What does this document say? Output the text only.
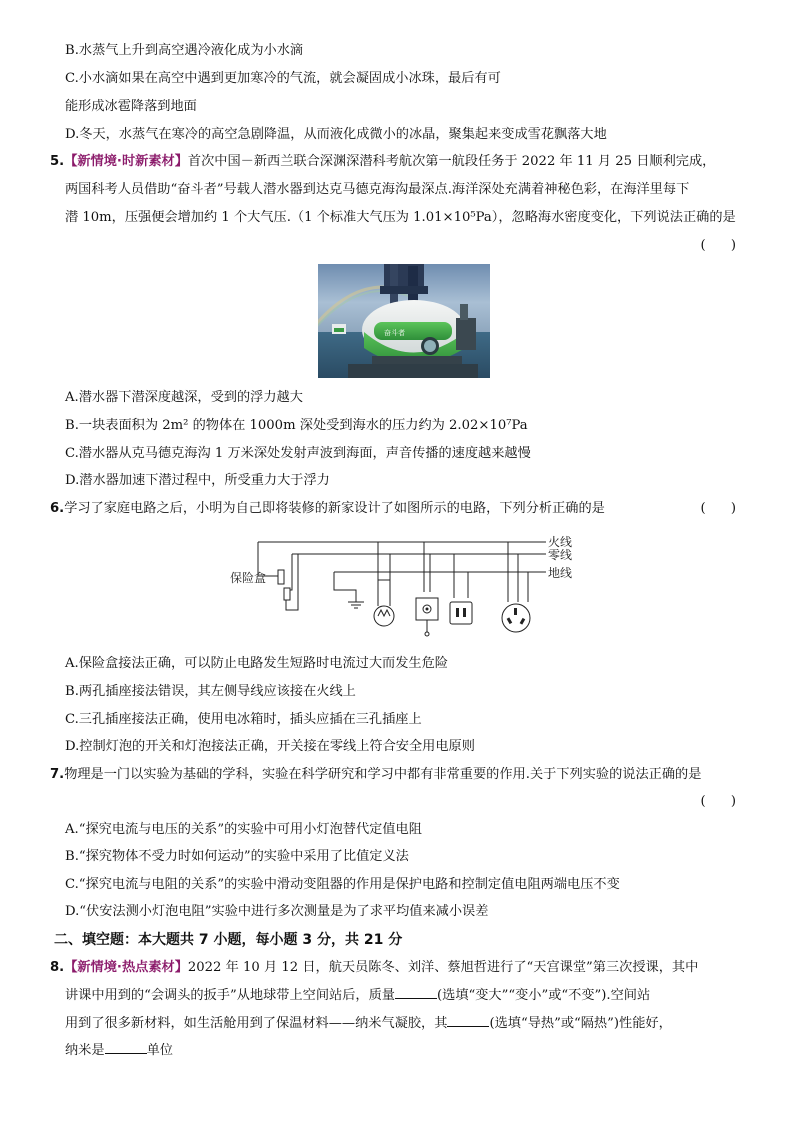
B.水蒸气上升到高空遇冷液化成为小水滴
C.小水滴如果在高空中遇到更加寒冷的气流，就会凝固成小冰珠，最后有可
能形成冰雹降落到地面
D.冬天，水蒸气在寒冷的高空急剧降温，从而液化成微小的冰晶，聚集起来变成雪花飘落大地
5.【新情境·时新素材】首次中国－新西兰联合深渊深潜科考航次第一航段任务于 2022 年 11 月 25 日顺利完成，
两国科考人员借助“奋斗者”号载人潜水器到达克马德克海沟最深点.海洋深处充满着神秘色彩，在海洋里每下
潜 10m，压强便会增加约 1 个大气压.（1 个标准大气压为 1.01×10⁵Pa），忽略海水密度变化，下列说法正确的是
(      )
奋斗者
A.潜水器下潜深度越深，受到的浮力越大
B.一块表面积为 2m² 的物体在 1000m 深处受到海水的压力约为 2.02×10⁷Pa
C.潜水器从克马德克海沟 1 万米深处发射声波到海面，声音传播的速度越来越慢
D.潜水器加速下潜过程中，所受重力大于浮力
6.学习了家庭电路之后，小明为自己即将装修的新家设计了如图所示的电路，下列分析正确的是	(      )
火线
零线
地线
保险盒
A.保险盒接法正确，可以防止电路发生短路时电流过大而发生危险
B.两孔插座接法错误，其左侧导线应该接在火线上
C.三孔插座接法正确，使用电冰箱时，插头应插在三孔插座上
D.控制灯泡的开关和灯泡接法正确，开关接在零线上符合安全用电原则
7.物理是一门以实验为基础的学科，实验在科学研究和学习中都有非常重要的作用.关于下列实验的说法正确的是
(      )
A.“探究电流与电压的关系”的实验中可用小灯泡替代定值电阻
B.“探究物体不受力时如何运动”的实验中采用了比值定义法
C.“探究电流与电阻的关系”的实验中滑动变阻器的作用是保护电路和控制定值电阻两端电压不变
D.“伏安法测小灯泡电阻”实验中进行多次测量是为了求平均值来减小误差
二、填空题：本大题共 7 小题，每小题 3 分，共 21 分
8.【新情境·热点素材】2022 年 10 月 12 日，航天员陈冬、刘洋、蔡旭哲进行了“天宫课堂”第三次授课，其中
讲课中用到的“会调头的扳手”从地球带上空间站后，质量	(选填“变大”“变小”或“不变”).空间站
用到了很多新材料，如生活舱用到了保温材料——纳米气凝胶，其	(选填“导热”或“隔热”)性能好，
纳米是	单位
